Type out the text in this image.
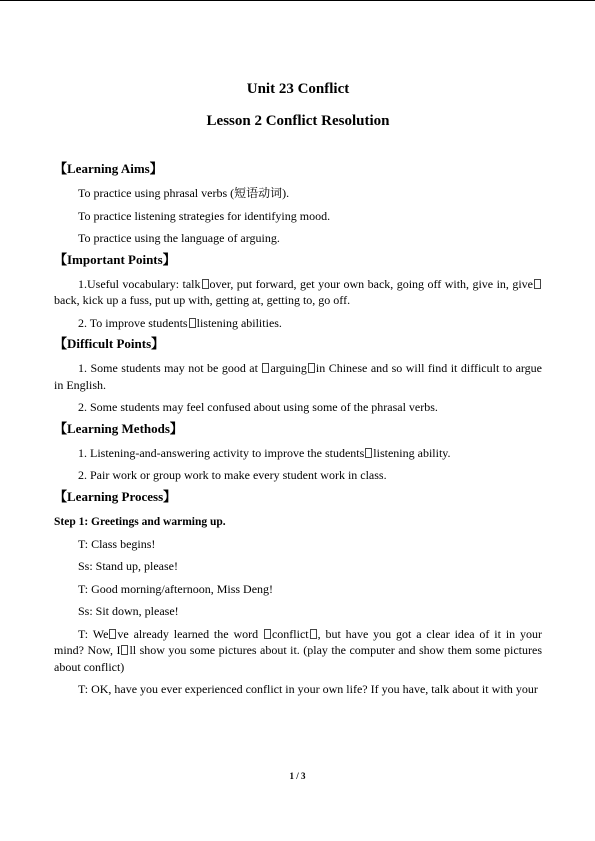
Unit 23 Conflict
Lesson 2 Conflict Resolution
【Learning Aims】
To practice using phrasal verbs (短语动词).
To practice listening strategies for identifying mood.
To practice using the language of arguing.
【Important Points】
1.Useful vocabulary: talk over, put forward, get your own back, going off with, give in, giveback, kick up a fuss, put up with, getting at, getting to, go off.
2. To improve students listening abilities.
【Difficult Points】
1. Some students may not be good at arguing in Chinese and so will find it difficult to argue in English.
2. Some students may feel confused about using some of the phrasal verbs.
【Learning Methods】
1. Listening-and-answering activity to improve the students listening ability.
2. Pair work or group work to make every student work in class.
【Learning Process】
Step 1: Greetings and warming up.
T: Class begins!
Ss: Stand up, please!
T: Good morning/afternoon, Miss Deng!
Ss: Sit down, please!
T: We ve already learned the word conflict , but have you got a clear idea of it in your mind? Now, I ll show you some pictures about it. (play the computer and show them some pictures about conflict)
T: OK, have you ever experienced conflict in your own life? If you have, talk about it with your
1 / 3
